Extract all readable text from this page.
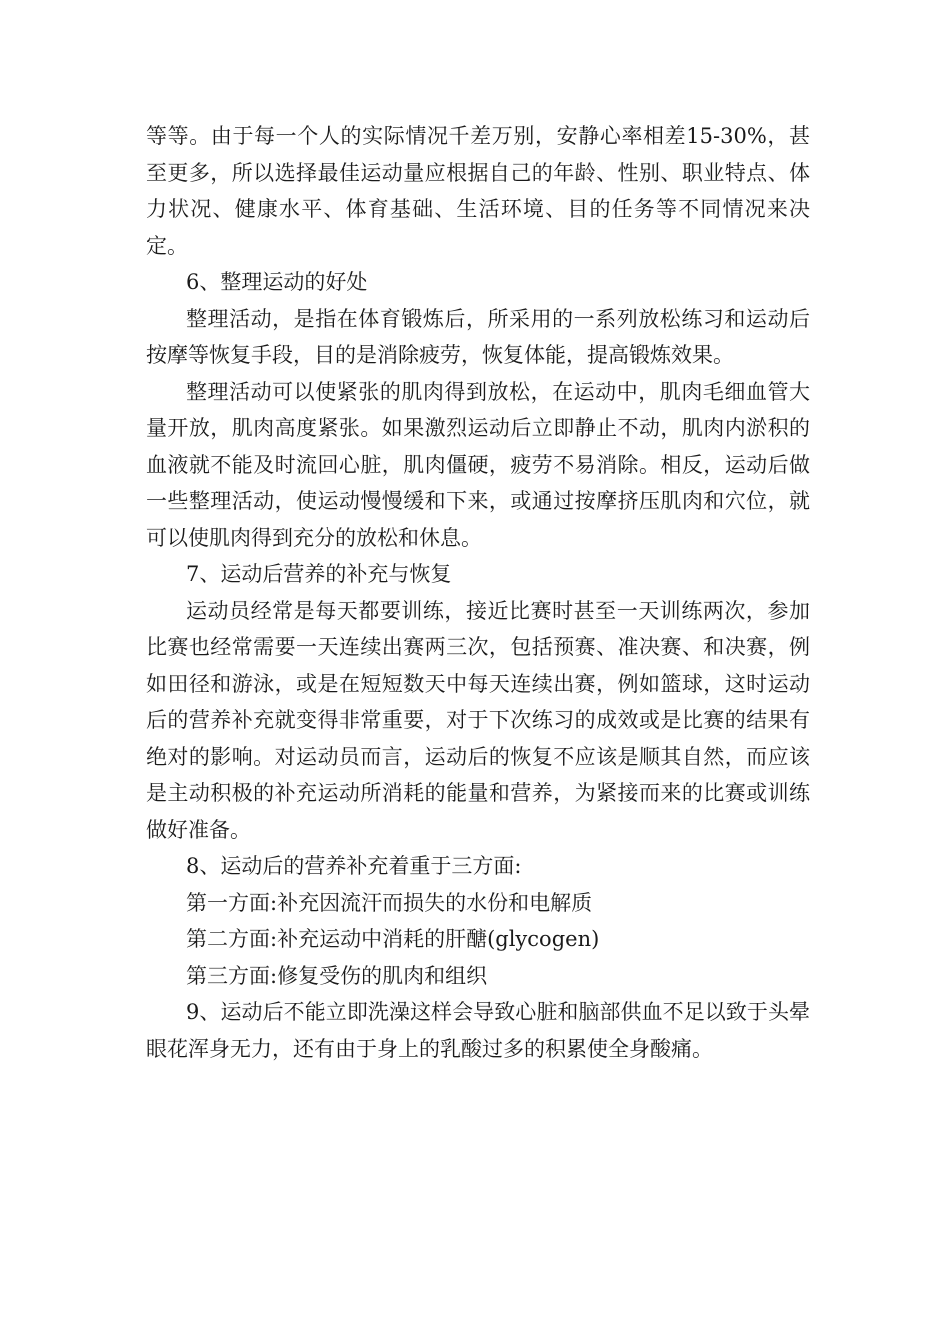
等等。由于每一个人的实际情况千差万别，安静心率相差15-30%，甚至更多，所以选择最佳运动量应根据自己的年龄、性别、职业特点、体力状况、健康水平、体育基础、生活环境、目的任务等不同情况来决定。

6、整理运动的好处

整理活动，是指在体育锻炼后，所采用的一系列放松练习和运动后按摩等恢复手段，目的是消除疲劳，恢复体能，提高锻炼效果。

整理活动可以使紧张的肌肉得到放松，在运动中，肌肉毛细血管大量开放，肌肉高度紧张。如果激烈运动后立即静止不动，肌肉内淤积的血液就不能及时流回心脏，肌肉僵硬，疲劳不易消除。相反，运动后做一些整理活动，使运动慢慢缓和下来，或通过按摩挤压肌肉和穴位，就可以使肌肉得到充分的放松和休息。

7、运动后营养的补充与恢复

运动员经常是每天都要训练，接近比赛时甚至一天训练两次，参加比赛也经常需要一天连续出赛两三次，包括预赛、准决赛、和决赛，例如田径和游泳，或是在短短数天中每天连续出赛，例如篮球，这时运动后的营养补充就变得非常重要，对于下次练习的成效或是比赛的结果有绝对的影响。对运动员而言，运动后的恢复不应该是顺其自然，而应该是主动积极的补充运动所消耗的能量和营养，为紧接而来的比赛或训练做好准备。

8、运动后的营养补充着重于三方面:

第一方面:补充因流汗而损失的水份和电解质

第二方面:补充运动中消耗的肝醣(glycogen)

第三方面:修复受伤的肌肉和组织

9、运动后不能立即洗澡这样会导致心脏和脑部供血不足以致于头晕眼花浑身无力，还有由于身上的乳酸过多的积累使全身酸痛。
